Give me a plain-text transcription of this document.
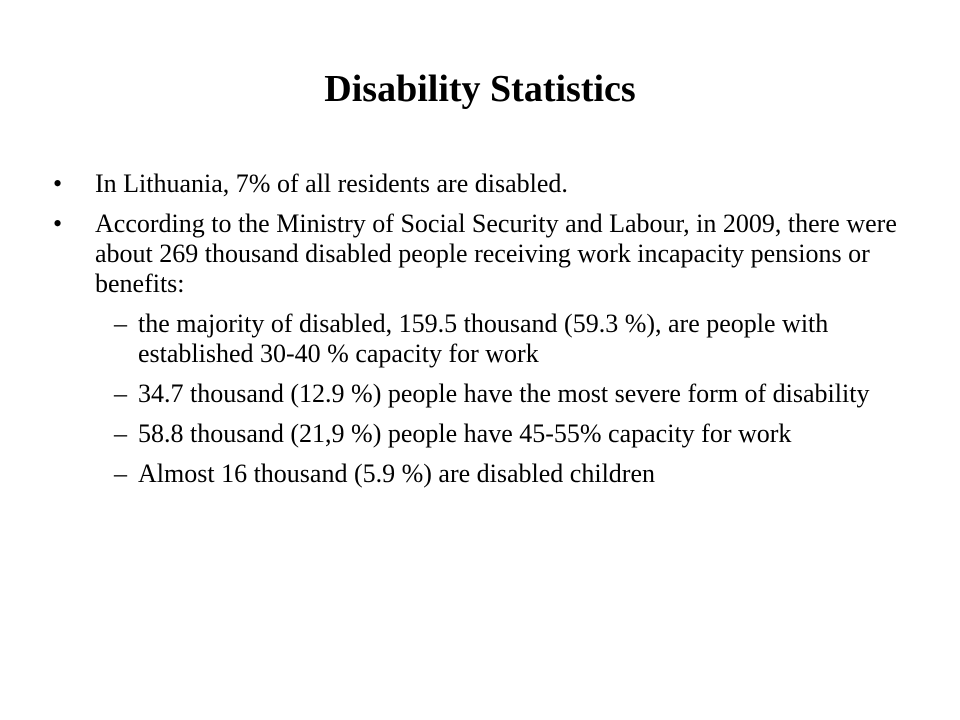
Disability Statistics
•	In Lithuania, 7% of all residents are disabled.
•	According to the Ministry of Social Security and Labour, in 2009, there were about 269 thousand disabled people receiving work incapacity pensions or benefits:
– the majority of disabled, 159.5 thousand (59.3 %), are people with established 30-40 % capacity for work
– 34.7 thousand (12.9 %) people have the most severe form of disability
– 58.8 thousand (21,9 %) people have 45-55% capacity for work
– Almost 16 thousand (5.9 %) are disabled children
